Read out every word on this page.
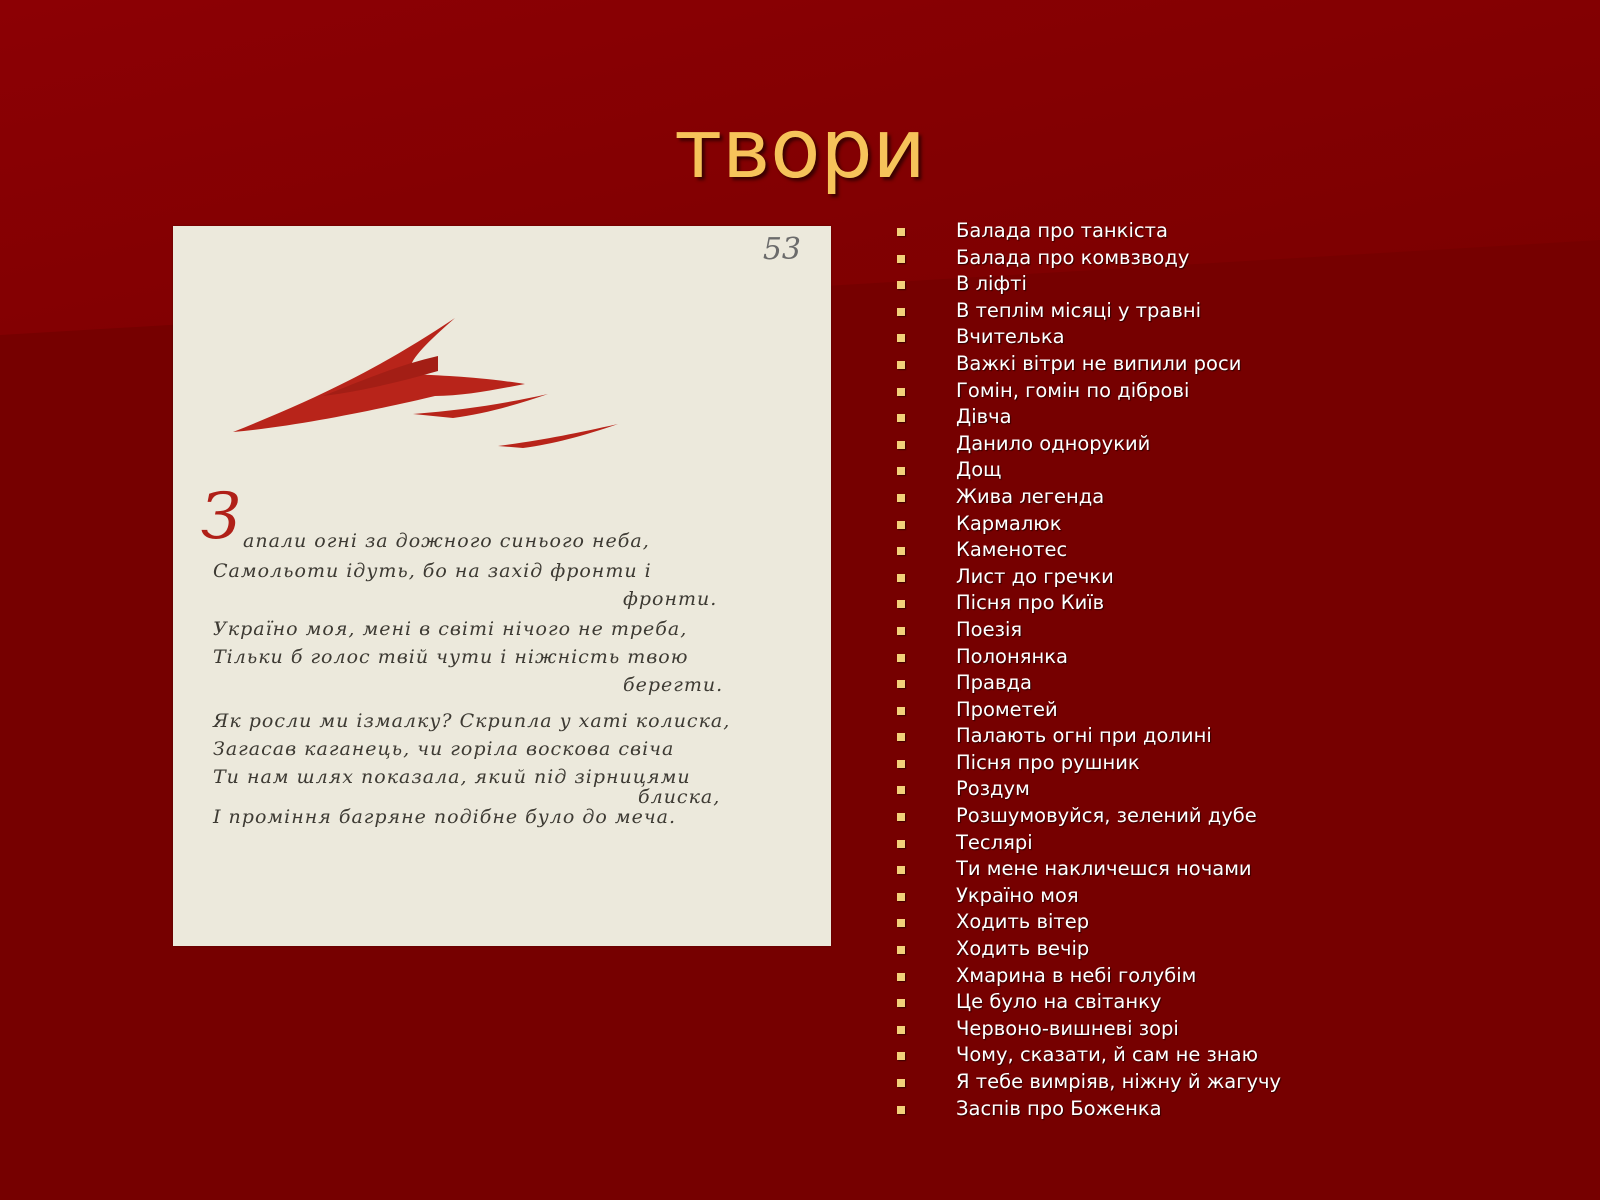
твори
53
З апали огні за дожного синього неба,
Самольоти ідуть, бо на захід фронти і
фронти.
Україно моя, мені в світі нічого не треба,
Тільки б голос твій чути і ніжність твою
берегти.
Як росли ми ізмалку? Скрипла у хаті колиска,
Загасав каганець, чи горіла воскова свіча
Ти нам шлях показала, який під зірницями
блиска,
І проміння багряне подібне було до меча.
Балада про танкіста
Балада про комвзводу
В ліфті
В теплім місяці у травні
Вчителька
Важкі вітри не випили роси
Гомін, гомін по діброві
Дівча
Данило однорукий
Дощ
Жива легенда
Кармалюк
Каменотес
Лист до гречки
Пісня про Київ
Поезія
Полонянка
Правда
Прометей
Палають огні при долині
Пісня про рушник
Роздум
Розшумовуйся, зелений дубе
Теслярі
Ти мене накличешся ночами
Україно моя
Ходить вітер
Ходить вечір
Хмарина в небі голубім
Це було на світанку
Червоно-вишневі зорі
Чому, сказати, й сам не знаю
Я тебе вимріяв, ніжну й жагучу
Заспів про Боженка
